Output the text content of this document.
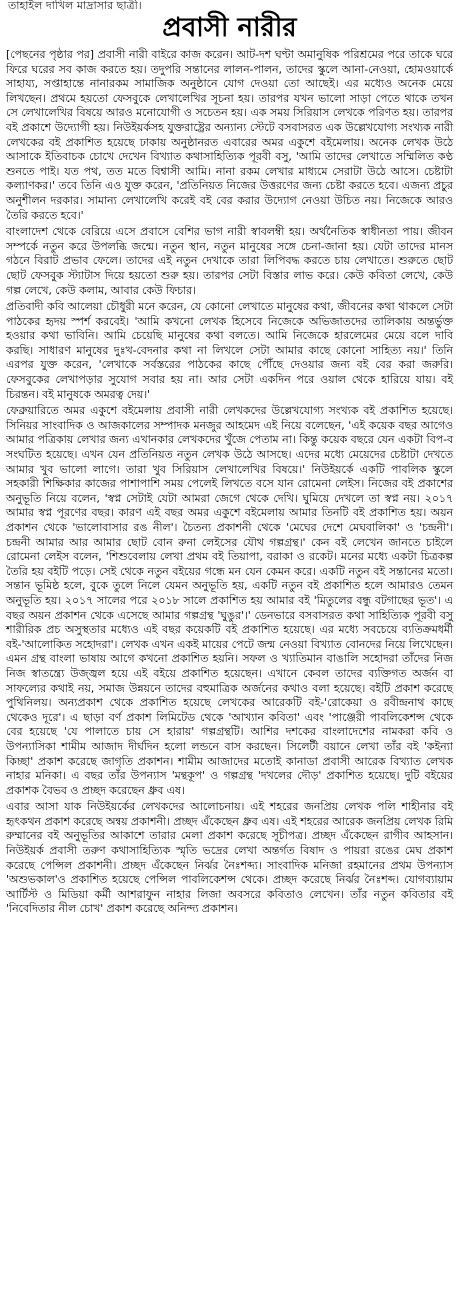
তাহাইল দাখিল মাদ্রাসার ছাত্রী।
প্রবাসী নারীর

[পেছনের পৃষ্ঠার পর] প্রবাসী নারী বাইরে কাজ করেন। আট-দশ ঘণ্টা অমানুষিক পরিশ্রমের পরে তাকে ঘরে ফিরে ঘরের সব কাজ করতে হয়। তদুপরি সন্তানের লালন-পালন, তাদের স্কুলে আনা-নেওয়া, হোমওয়ার্কে সাহায্য, সপ্তাহান্তে নানারকম সামাজিক অনুষ্ঠানে যোগ দেওয়া তো আছেই। এর মধ্যেও অনেক মেয়ে লিখছেন। প্রথমে হয়তো ফেসবুকে লেখালেখির সূচনা হয়। তারপর যখন ভালো সাড়া পেতে থাকে তখন সে লেখালেখির বিষয়ে আরও মনোযোগী ও সচেতন হয়। এক সময় সিরিয়াস লেখকে পরিণত হয়। তারপর বই প্রকাশে উদ্যোগী হয়। নিউইয়র্কসহ যুক্তরাষ্ট্রের অন্যান্য স্টেটে বসবাসরত এক উল্লেখযোগ্য সংখ্যক নারী লেখকের বই প্রকাশিত হয়েছে ঢাকায় অনুষ্ঠানরত এবারের অমর একুশে বইমেলায়। অনেক লেখক উঠে আসাকে ইতিবাচক চোখে দেখেন বিখ্যাত কথাসাহিত্যিক পূরবী বসু, 'আমি তাদের লেখাতে সম্মিলিত কণ্ঠ শুনতে পাই। যত পথ, তত মতে বিশ্বাসী আমি। নানা রকম লেখার মাধ্যমে সেরাটা উঠে আসে। চেষ্টাটা কল্যাণকর।' তবে তিনি এও যুক্ত করেন, 'প্রতিনিয়ত নিজের উত্তরণের জন্য চেষ্টা করতে হবে। এজন্য প্রচুর অনুশীলন দরকার। সামান্য লেখালেখি করেই বই বের করার উদ্যোগ নেওয়া উচিত নয়। নিজেকে আরও তৈরি করতে হবে।'

বাংলাদেশ থেকে বেরিয়ে এসে প্রবাসে বেশির ভাগ নারী স্বাবলম্বী হয়। অর্থনৈতিক স্বাধীনতা পায়। জীবন সম্পর্কে নতুন করে উপলব্ধি জন্মে। নতুন স্থান, নতুন মানুষের সঙ্গে চেনা-জানা হয়। যেটা তাদের মানস গঠনে বিরাট প্রভাব ফেলে। তাদের এই নতুন দেখাকে তারা লিপিবদ্ধ করতে চায় লেখাতে। শুরুতে ছোট ছোট ফেসবুক স্ট্যাটাস দিয়ে হয়তো শুরু হয়। তারপর সেটা বিস্তার লাভ করে। কেউ কবিতা লেখে, কেউ গল্প লেখে, কেউ কলাম, আবার কেউ ফিচার।

প্রতিবাদী কবি আলেয়া চৌধুরী মনে করেন, যে কোনো লেখাতে মানুষের কথা, জীবনের কথা থাকলে সেটা পাঠকের হৃদয় স্পর্শ করবেই। 'আমি কখনো লেখক হিসেবে নিজেকে অভিজাতদের তালিকায় অন্তর্ভুক্ত হওয়ার কথা ভাবিনি। আমি চেয়েছি মানুষের কথা বলতে। আমি নিজেকে হারলেমের মেয়ে বলে দাবি করছি। সাধারণ মানুষের দুঃখ-বেদনার কথা না লিখলে সেটা আমার কাছে কোনো সাহিত্য নয়।' তিনি এরপর যুক্ত করেন, 'লেখাকে সর্বস্তরের পাঠকের কাছে পৌঁছে দেওয়ার জন্য বই বের করা জরুরি। ফেসবুকের লেখাপড়ার সুযোগ সবার হয় না। আর সেটা একদিন পরে ওয়াল থেকে হারিয়ে যায়। বই চিরন্তন। বই মানুষকে অমরত্ব দেয়।'

ফেব্রুয়ারিতে অমর একুশে বইমেলায় প্রবাসী নারী লেখকদের উল্লেখযোগ্য সংখ্যক বই প্রকাশিত হয়েছে। সিনিয়র সাংবাদিক ও আজকালের সম্পাদক মনজুর আহমেদ এই নিয়ে বলেছেন, 'এই কয়েক বছর আগেও আমার পত্রিকায় লেখার জন্য এখানকার লেখকদের খুঁজে পেতাম না। কিন্তু কয়েক বছরে যেন একটা বিপ-ব সংঘটিত হয়েছে। এখন যেন প্রতিনিয়ত নতুন লেখক উঠে আসছে। এদের মধ্যে মেয়েদের চেষ্টাটা দেখতে আমার খুব ভালো লাগে। তারা খুব সিরিয়াস লেখালেখির বিষয়ে।' নিউইয়র্কে একটি পাবলিক স্কুলে সহকারী শিক্ষিকার কাজের পাশাপাশি সময় পেলেই লিখতে বসে যান রোমেনা লেইস। নিজের বই প্রকাশের অনুভূতি নিয়ে বলেন, 'স্বপ্ন সেটাই যেটা আমরা জেগে থেকে দেখি। ঘুমিয়ে দেখলে তা স্বপ্ন নয়। ২০১৭ আমার স্বপ্ন পূরণের বছর। কারণ এই বছর অমর একুশে বইমেলায় আমার তিনটি বই প্রকাশিত হয়। অয়ন প্রকাশন থেকে 'ভালোবাসার রঙ নীল'। চৈতন্য প্রকাশনী থেকে 'মেঘের দেশে মেঘবালিকা' ও 'চন্দ্রনী'। চন্দ্রনী আমার আর আমার ছোট বোন রুনা লেইসের যৌথ গল্পগ্রন্থ।' কেন বই লেখেন জানতে চাইলে রোমেনা লেইস বলেন, 'শিশুবেলায় লেখা প্রথম বই তিয়াপা, বরাকা ও রকেট। মনের মধ্যে একটা চিত্রকল্প তৈরি হয় বইটি পড়ে। সেই থেকে নতুন বইয়ের গন্ধে মন যেন কেমন করে। একটি নতুন বই সন্তানের মতো। সন্তান ভূমিষ্ঠ হলে, বুকে তুলে নিলে যেমন অনুভূতি হয়, একটি নতুন বই প্রকাশিত হলে আমারও তেমন অনুভূতি হয়। ২০১৭ সালের পরে ২০১৮ সালে প্রকাশিত হয় আমার বই 'মিতুলের বন্ধু বটগাছের ভূত'। এ বছর অয়ন প্রকাশন থেকে এসেছে আমার গল্পগ্রন্থ 'ঘুঙুর'।' ডেনভারে বসবাসরত কথা সাহিত্যিক পূরবী বসু শারীরিক প্রচ অসুস্থতার মধ্যেও এই বছর কয়েকটি বই প্রকাশিত হয়েছে। এর মধ্যে সবচেয়ে ব্যতিক্রমধর্মী বই-'আলোকিত সহোদরা'। লেখক এখন একই মায়ের পেটে জন্ম নেওয়া বিখ্যাত বোনদের নিয়ে লিখেছেন। এমন গ্রন্থ বাংলা ভাষায় আগে কখনো প্রকাশিত হয়নি। সফল ও খ্যাতিমান বাঙালি সহোদরা তাঁদের নিজ নিজ স্বাতন্ত্র্যে উজ্জ্বল হয়ে এই বইয়ে প্রকাশিত হয়েছেন। এখানে কেবল তাদের ব্যক্তিগত অর্জন বা সাফল্যের কথাই নয়, সমাজ উন্নয়নে তাদের বহুমাত্রিক অর্জনের কথাও বলা হয়েছে। বইটি প্রকাশ করেছে পুথিনিলয়। অন্যপ্রকাশ থেকে প্রকাশিত হয়েছে লেখকের আরেকটি বই-'রোকেয়া ও রবীন্দ্রনাথ কাছে থেকেও দূরে'। এ ছাড়া বর্ণ প্রকাশ লিমিটেড থেকে 'আখ্যান কবিতা' এবং 'পাঞ্জেরী পাবলিকেশন্স থেকে বের হয়েছে 'যে পালাতে চায় সে হারায়' গল্পগ্রন্থটি। আশির দশকের বাংলাদেশের নামকরা কবি ও উপন্যাসিকা শামীম আজাদ দীর্ঘদিন হলো লন্ডনে বাস করছেন। সিলেটী বয়ানে লেখা তাঁর বই 'কইন্যা কিচ্ছা' প্রকাশ করেছে জাগৃতি প্রকাশন। শামীম আজাদের মতোই কানাডা প্রবাসী আরেক বিখ্যাত লেখক নাহার মনিকা। এ বছর তাঁর উপন্যাস 'মন্থকূপ' ও গল্পগ্রন্থ 'দখলের দৌড়' প্রকাশিত হয়েছে। দুটি বইয়ের প্রকাশক বৈভব ও প্রচ্ছদ করেছেন ধ্রুব এষ।

এবার আসা যাক নিউইয়র্কের লেখকদের আলোচনায়। এই শহরের জনপ্রিয় লেখক পলি শাহীনার বই হৃৎকথন প্রকাশ করেছে অন্বয় প্রকাশনী। প্রচ্ছদ এঁকেছেন ধ্রুব এষ। এই শহরের আরেক জনপ্রিয় লেখক রিমি রুম্মানের বই অনুভূতির আকাশে তারার মেলা প্রকাশ করেছে সূচীপত্র। প্রচ্ছদ এঁকেছেন রাগীব আহসান। নিউইয়র্ক প্রবাসী তরুণ কথাসাহিত্যিক স্মৃতি ভদ্রের লেখা অন্তর্গত বিষাদ ও পায়রা রঙের মেঘ প্রকাশ করেছে পেন্সিল প্রকাশনী। প্রচ্ছদ এঁকেছেন নির্ঝর নৈঃশব্দ্য। সাংবাদিক মনিজা রহমানের প্রথম উপন্যাস 'অশুভকাল'ও প্রকাশিত হয়েছে পেন্সিল পাবলিকেশন্স থেকে। প্রচ্ছদ করেছে নির্ঝর নৈঃশব্দ। যোগব্যায়াম আর্টিস্ট ও মিডিয়া কর্মী আশরাফুন নাহার লিজা অবসরে কবিতাও লেখেন। তাঁর নতুন কবিতার বই 'নিবেদিতার নীল চোখ' প্রকাশ করেছে অনিন্দ্য প্রকাশন।
